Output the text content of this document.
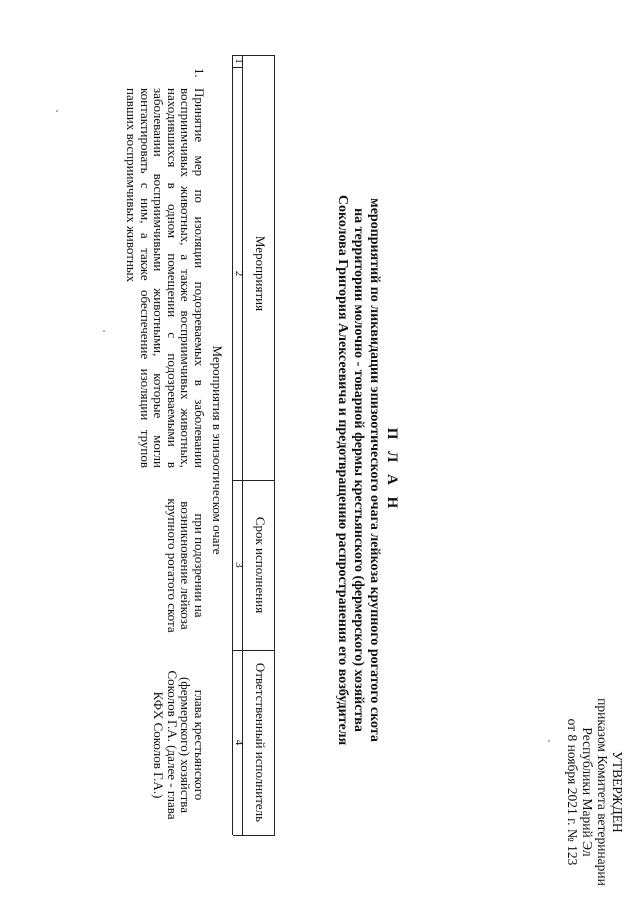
УТВЕРЖДЕН
приказом Комитета ветеринарии
Республики Марий Эл
от 8 ноября 2021 г. № 123
П Л А Н
мероприятий по ликвидации эпизоотического очага лейкоза крупного рогатого скота
на территории молочно - товарной фермы крестьянского (фермерского) хозяйства
Соколова Григория Алексеевича и предотвращению распространения его возбудителя
Мероприятия
Срок исполнения
Ответственный исполнитель
1
2
3
4
Мероприятия в эпизоотическом очаге
1.
Принятие мер по изоляции подозреваемых в заболевании восприимчивых животных, а также восприимчивых животных, находившихся в одном помещении с подозреваемыми в заболевании восприимчивыми животными, которые могли контактировать с ним, а также обеспечение изоляции трупов павших восприимчивых животных
при подозрении на возникновение лейкоза крупного рогатого скота
глава крестьянского (фермерского) хозяйства Соколов Г.А. (далее - глава КФХ Соколов Г.А.)
